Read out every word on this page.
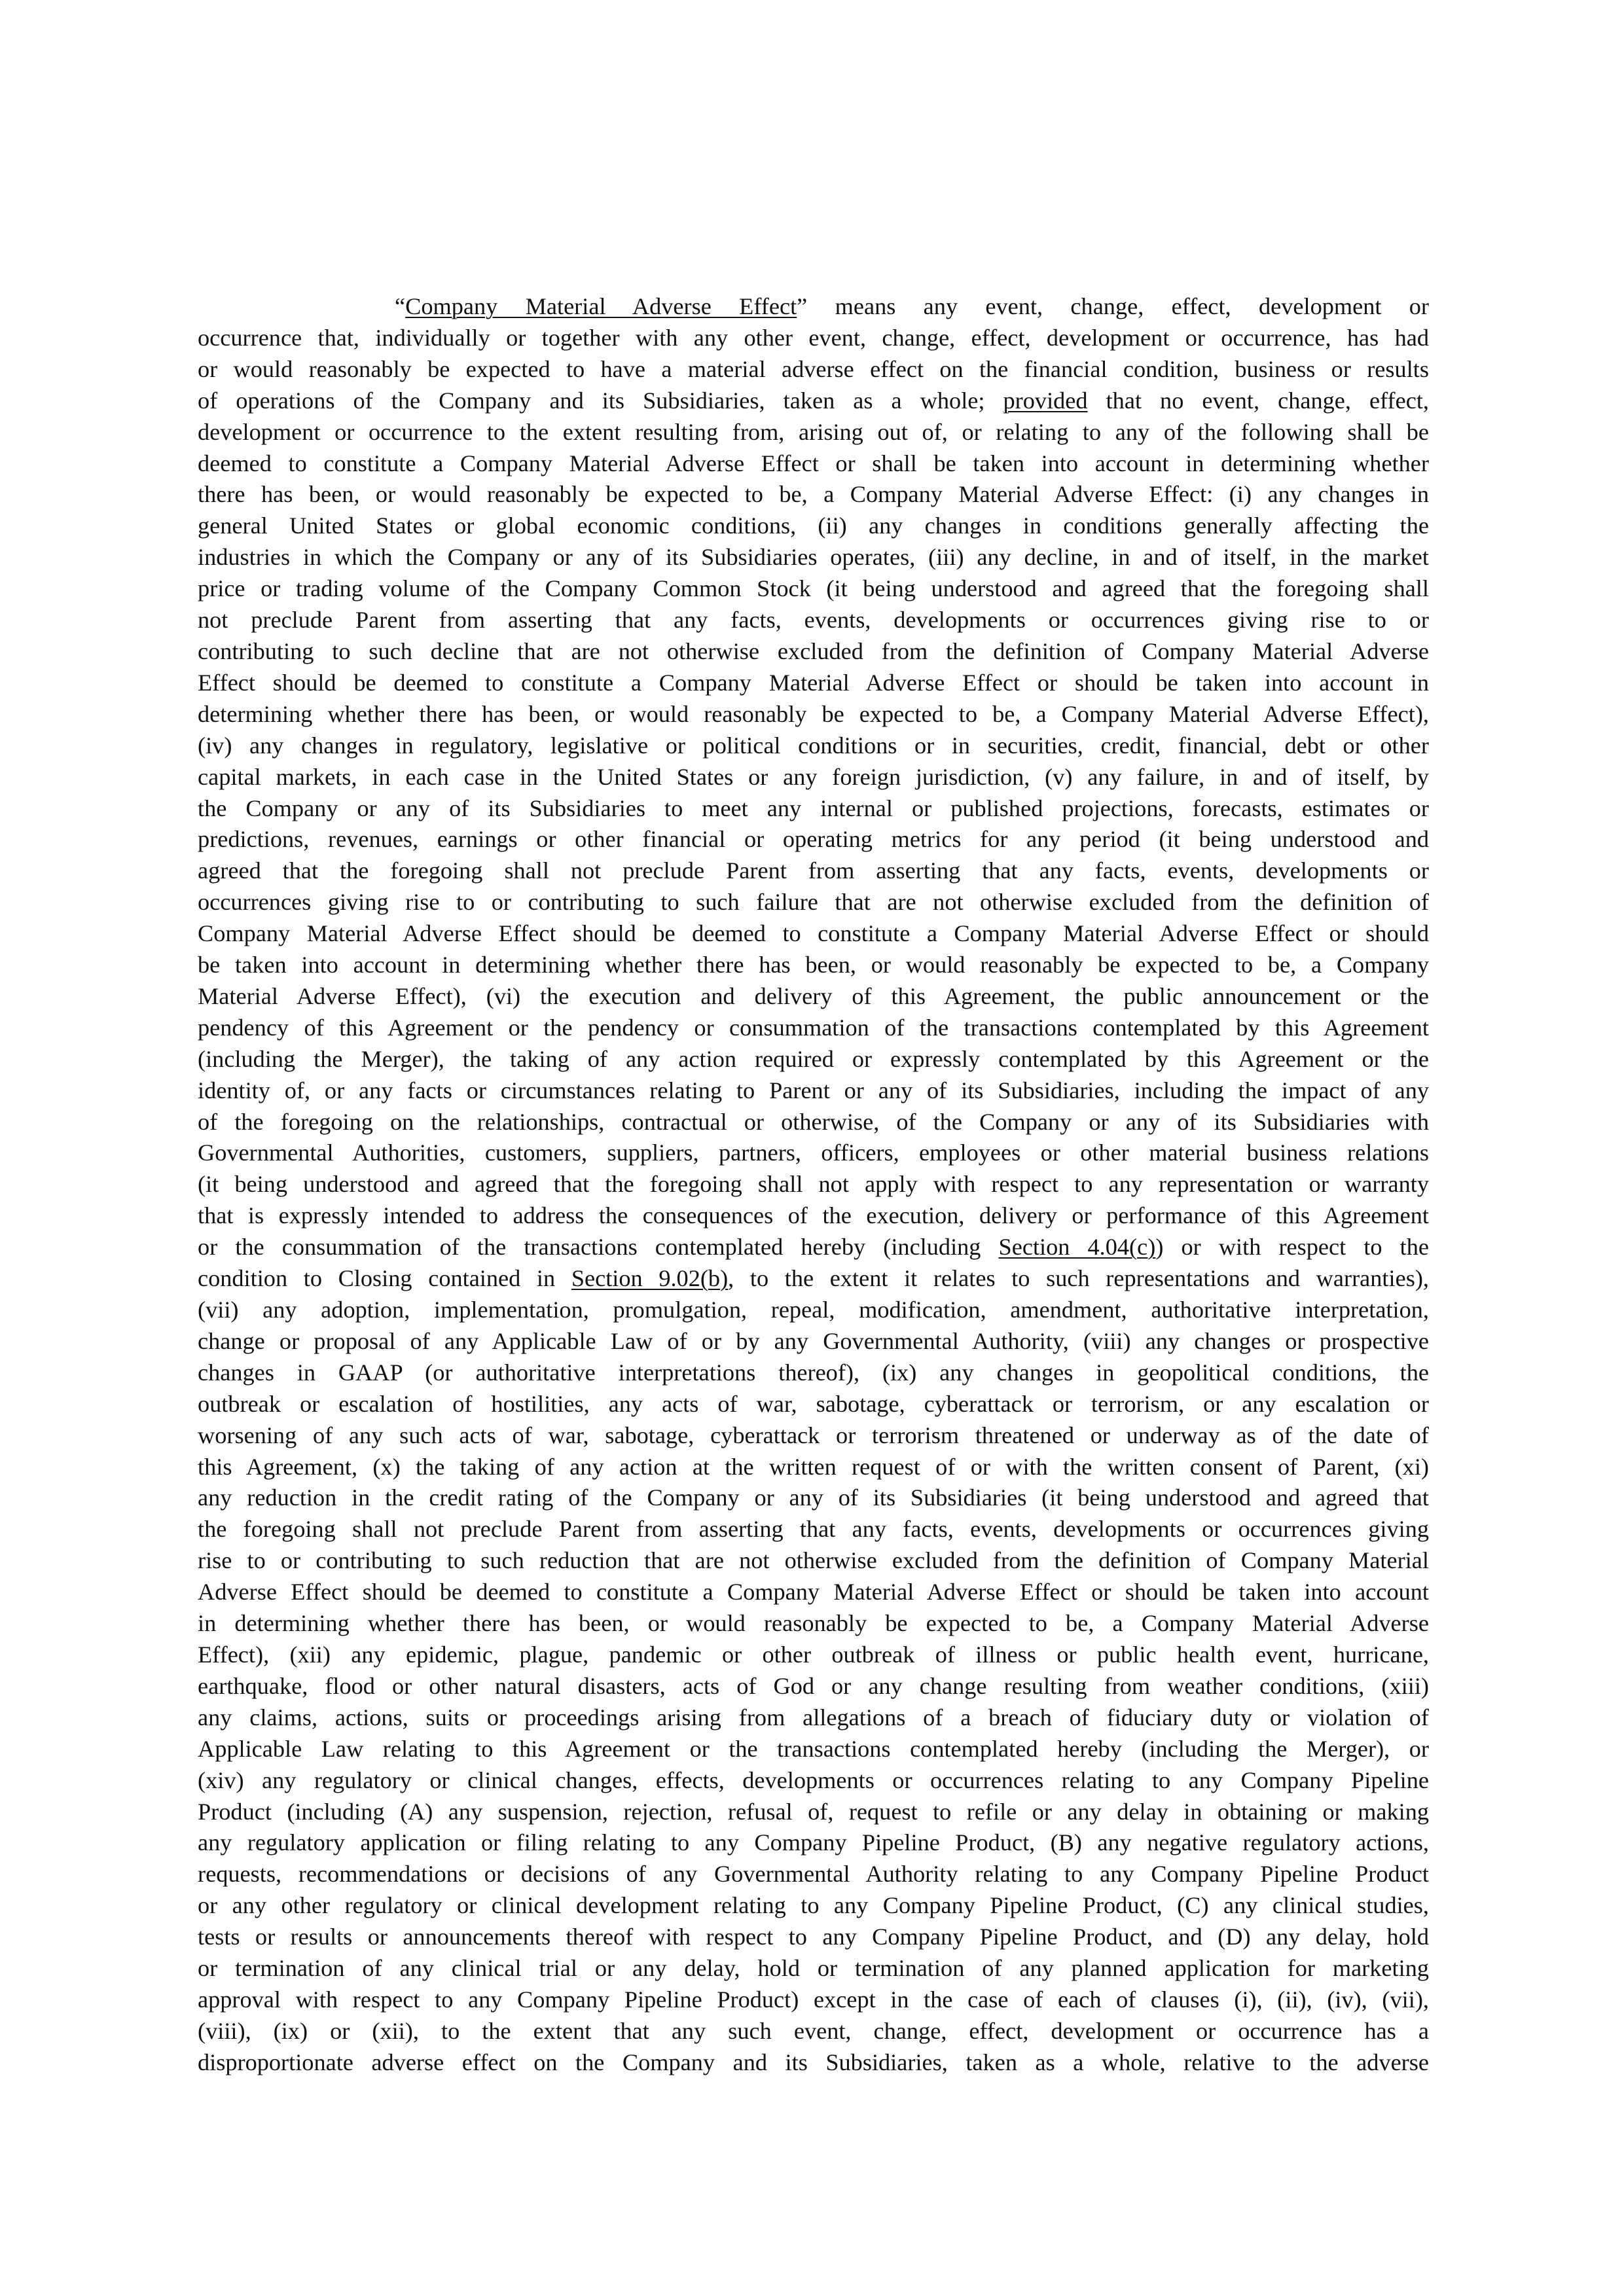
“Company Material Adverse Effect” means any event, change, effect, development or
occurrence that, individually or together with any other event, change, effect, development or occurrence, has had
or would reasonably be expected to have a material adverse effect on the financial condition, business or results
of operations of the Company and its Subsidiaries, taken as a whole; provided that no event, change, effect,
development or occurrence to the extent resulting from, arising out of, or relating to any of the following shall be
deemed to constitute a Company Material Adverse Effect or shall be taken into account in determining whether
there has been, or would reasonably be expected to be, a Company Material Adverse Effect: (i) any changes in
general United States or global economic conditions, (ii) any changes in conditions generally affecting the
industries in which the Company or any of its Subsidiaries operates, (iii) any decline, in and of itself, in the market
price or trading volume of the Company Common Stock (it being understood and agreed that the foregoing shall
not preclude Parent from asserting that any facts, events, developments or occurrences giving rise to or
contributing to such decline that are not otherwise excluded from the definition of Company Material Adverse
Effect should be deemed to constitute a Company Material Adverse Effect or should be taken into account in
determining whether there has been, or would reasonably be expected to be, a Company Material Adverse Effect),
(iv) any changes in regulatory, legislative or political conditions or in securities, credit, financial, debt or other
capital markets, in each case in the United States or any foreign jurisdiction, (v) any failure, in and of itself, by
the Company or any of its Subsidiaries to meet any internal or published projections, forecasts, estimates or
predictions, revenues, earnings or other financial or operating metrics for any period (it being understood and
agreed that the foregoing shall not preclude Parent from asserting that any facts, events, developments or
occurrences giving rise to or contributing to such failure that are not otherwise excluded from the definition of
Company Material Adverse Effect should be deemed to constitute a Company Material Adverse Effect or should
be taken into account in determining whether there has been, or would reasonably be expected to be, a Company
Material Adverse Effect), (vi) the execution and delivery of this Agreement, the public announcement or the
pendency of this Agreement or the pendency or consummation of the transactions contemplated by this Agreement
(including the Merger), the taking of any action required or expressly contemplated by this Agreement or the
identity of, or any facts or circumstances relating to Parent or any of its Subsidiaries, including the impact of any
of the foregoing on the relationships, contractual or otherwise, of the Company or any of its Subsidiaries with
Governmental Authorities, customers, suppliers, partners, officers, employees or other material business relations
(it being understood and agreed that the foregoing shall not apply with respect to any representation or warranty
that is expressly intended to address the consequences of the execution, delivery or performance of this Agreement
or the consummation of the transactions contemplated hereby (including Section 4.04(c)) or with respect to the
condition to Closing contained in Section 9.02(b), to the extent it relates to such representations and warranties),
(vii) any adoption, implementation, promulgation, repeal, modification, amendment, authoritative interpretation,
change or proposal of any Applicable Law of or by any Governmental Authority, (viii) any changes or prospective
changes in GAAP (or authoritative interpretations thereof), (ix) any changes in geopolitical conditions, the
outbreak or escalation of hostilities, any acts of war, sabotage, cyberattack or terrorism, or any escalation or
worsening of any such acts of war, sabotage, cyberattack or terrorism threatened or underway as of the date of
this Agreement, (x) the taking of any action at the written request of or with the written consent of Parent, (xi)
any reduction in the credit rating of the Company or any of its Subsidiaries (it being understood and agreed that
the foregoing shall not preclude Parent from asserting that any facts, events, developments or occurrences giving
rise to or contributing to such reduction that are not otherwise excluded from the definition of Company Material
Adverse Effect should be deemed to constitute a Company Material Adverse Effect or should be taken into account
in determining whether there has been, or would reasonably be expected to be, a Company Material Adverse
Effect), (xii) any epidemic, plague, pandemic or other outbreak of illness or public health event, hurricane,
earthquake, flood or other natural disasters, acts of God or any change resulting from weather conditions, (xiii)
any claims, actions, suits or proceedings arising from allegations of a breach of fiduciary duty or violation of
Applicable Law relating to this Agreement or the transactions contemplated hereby (including the Merger), or
(xiv) any regulatory or clinical changes, effects, developments or occurrences relating to any Company Pipeline
Product (including (A) any suspension, rejection, refusal of, request to refile or any delay in obtaining or making
any regulatory application or filing relating to any Company Pipeline Product, (B) any negative regulatory actions,
requests, recommendations or decisions of any Governmental Authority relating to any Company Pipeline Product
or any other regulatory or clinical development relating to any Company Pipeline Product, (C) any clinical studies,
tests or results or announcements thereof with respect to any Company Pipeline Product, and (D) any delay, hold
or termination of any clinical trial or any delay, hold or termination of any planned application for marketing
approval with respect to any Company Pipeline Product) except in the case of each of clauses (i), (ii), (iv), (vii),
(viii), (ix) or (xii), to the extent that any such event, change, effect, development or occurrence has a
disproportionate adverse effect on the Company and its Subsidiaries, taken as a whole, relative to the adverse
